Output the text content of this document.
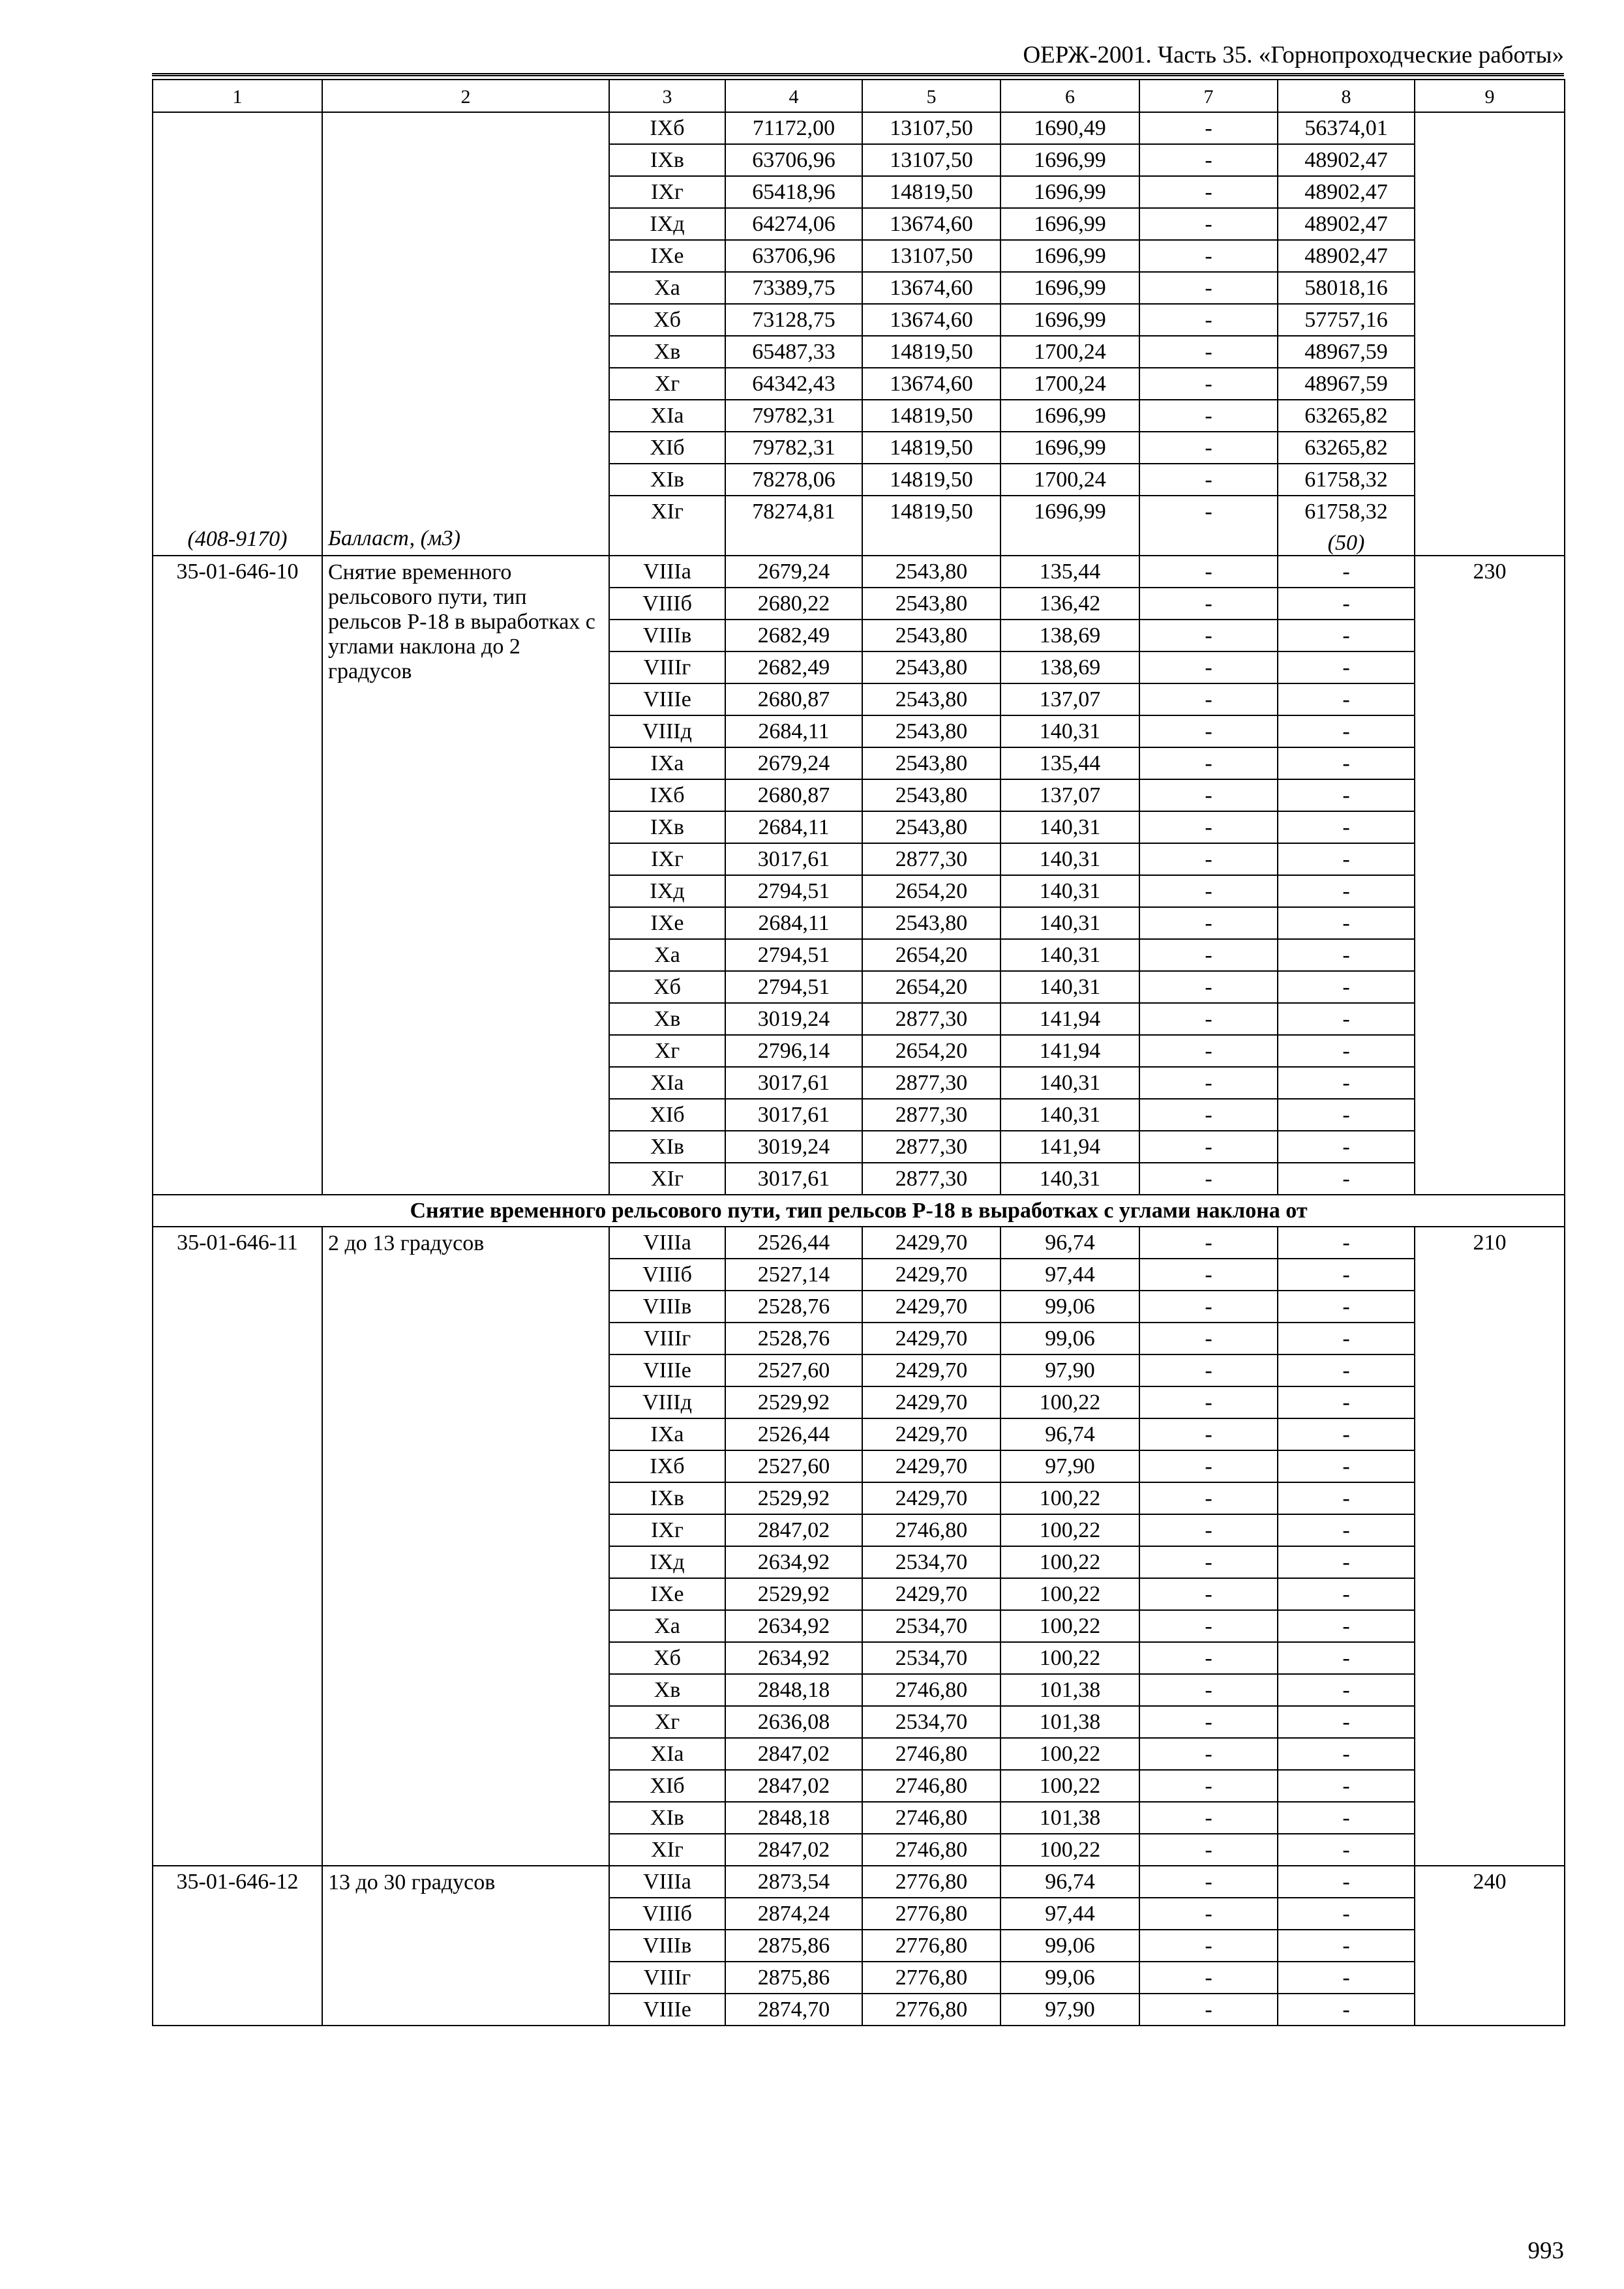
ОЕРЖ-2001. Часть 35. «Горнопроходческие работы»
1	2	3	4	5	6	7	8	9
(408-9170)	Балласт, (м3)	IXб	71172,00	13107,50	1690,49	-	56374,01	
		IXв	63706,96	13107,50	1696,99	-	48902,47	
		IXг	65418,96	14819,50	1696,99	-	48902,47	
		IXд	64274,06	13674,60	1696,99	-	48902,47	
		IXе	63706,96	13107,50	1696,99	-	48902,47	
		Xа	73389,75	13674,60	1696,99	-	58018,16	
		Xб	73128,75	13674,60	1696,99	-	57757,16	
		Xв	65487,33	14819,50	1700,24	-	48967,59	
		Xг	64342,43	13674,60	1700,24	-	48967,59	
		XIа	79782,31	14819,50	1696,99	-	63265,82	
		XIб	79782,31	14819,50	1696,99	-	63265,82	
		XIв	78278,06	14819,50	1700,24	-	61758,32	
		XIг	78274,81	14819,50	1696,99	-	61758,32
(50)	

35-01-646-10	Снятие временного рельсового пути, тип рельсов Р-18 в выработках с углами наклона до 2 градусов	VIIIа	2679,24	2543,80	135,44	-	-	230
		VIIIб	2680,22	2543,80	136,42	-	-	
		VIIIв	2682,49	2543,80	138,69	-	-	
		VIIIг	2682,49	2543,80	138,69	-	-	
		VIIIе	2680,87	2543,80	137,07	-	-	
		VIIIд	2684,11	2543,80	140,31	-	-	
		IXа	2679,24	2543,80	135,44	-	-	
		IXб	2680,87	2543,80	137,07	-	-	
		IXв	2684,11	2543,80	140,31	-	-	
		IXг	3017,61	2877,30	140,31	-	-	
		IXд	2794,51	2654,20	140,31	-	-	
		IXе	2684,11	2543,80	140,31	-	-	
		Xа	2794,51	2654,20	140,31	-	-	
		Xб	2794,51	2654,20	140,31	-	-	
		Xв	3019,24	2877,30	141,94	-	-	
		Xг	2796,14	2654,20	141,94	-	-	
		XIа	3017,61	2877,30	140,31	-	-	
		XIб	3017,61	2877,30	140,31	-	-	
		XIв	3019,24	2877,30	141,94	-	-	
		XIг	3017,61	2877,30	140,31	-	-	
Снятие временного рельсового пути, тип рельсов Р-18 в выработках с углами наклона от								
35-01-646-11	2 до 13 градусов	VIIIа	2526,44	2429,70	96,74	-	-	210
		VIIIб	2527,14	2429,70	97,44	-	-	
		VIIIв	2528,76	2429,70	99,06	-	-	
		VIIIг	2528,76	2429,70	99,06	-	-	
		VIIIе	2527,60	2429,70	97,90	-	-	
		VIIIд	2529,92	2429,70	100,22	-	-	
		IXа	2526,44	2429,70	96,74	-	-	
		IXб	2527,60	2429,70	97,90	-	-	
		IXв	2529,92	2429,70	100,22	-	-	
		IXг	2847,02	2746,80	100,22	-	-	
		IXд	2634,92	2534,70	100,22	-	-	
		IXе	2529,92	2429,70	100,22	-	-	
		Xа	2634,92	2534,70	100,22	-	-	
		Xб	2634,92	2534,70	100,22	-	-	
		Xв	2848,18	2746,80	101,38	-	-	
		Xг	2636,08	2534,70	101,38	-	-	
		XIа	2847,02	2746,80	100,22	-	-	
		XIб	2847,02	2746,80	100,22	-	-	
		XIв	2848,18	2746,80	101,38	-	-	
		XIг	2847,02	2746,80	100,22	-	-	
35-01-646-12	13 до 30 градусов	VIIIа	2873,54	2776,80	96,74	-	-	240
		VIIIб	2874,24	2776,80	97,44	-	-	
		VIIIв	2875,86	2776,80	99,06	-	-	
		VIIIг	2875,86	2776,80	99,06	-	-	
		VIIIе	2874,70	2776,80	97,90	-	-	
993
